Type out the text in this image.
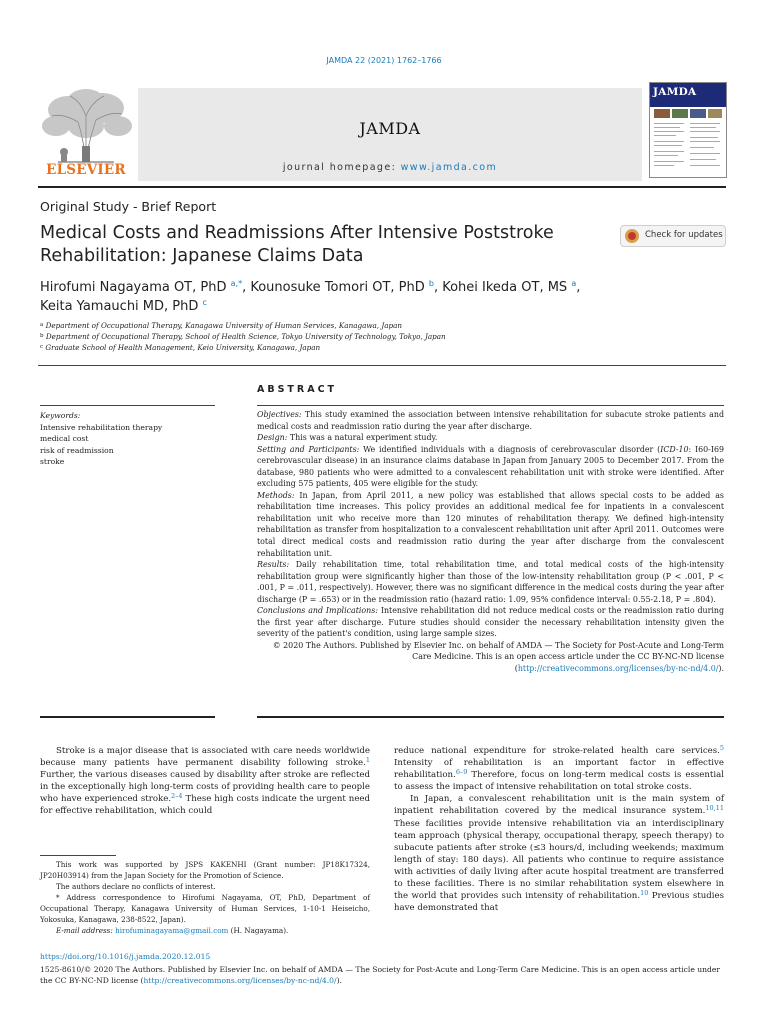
JAMDA 22 (2021) 1762–1766
ELSEVIER
JAMDA
journal homepage: www.jamda.com
JAMDA
Original Study - Brief Report
Medical Costs and Readmissions After Intensive Poststroke Rehabilitation: Japanese Claims Data
Check for updates
Hirofumi Nagayama OT, PhD $^{a,*}$, Kounosuke Tomori OT, PhD $^b$, Kohei Ikeda OT, MS $^a$,
Keita Yamauchi MD, PhD $^c$
$^a$ Department of Occupational Therapy, Kanagawa University of Human Services, Kanagawa, Japan
$^b$ Department of Occupational Therapy, School of Health Science, Tokyo University of Technology, Tokyo, Japan
$^c$ Graduate School of Health Management, Keio University, Kanagawa, Japan
ABSTRACT
Keywords:
Intensive rehabilitation therapy
medical cost
risk of readmission
stroke

Objectives: This study examined the association between intensive rehabilitation for subacute stroke patients and medical costs and readmission ratio during the year after discharge.

Design: This was a natural experiment study.

Setting and Participants: We identified individuals with a diagnosis of cerebrovascular disorder (ICD-10: I60-I69 cerebrovascular disease) in an insurance claims database in Japan from January 2005 to December 2017. From the database, 980 patients who were admitted to a convalescent rehabilitation unit with stroke were identified. After excluding 575 patients, 405 were eligible for the study.

Methods: In Japan, from April 2011, a new policy was established that allows special costs to be added as rehabilitation time increases. This policy provides an additional medical fee for inpatients in a convalescent rehabilitation unit who receive more than 120 minutes of rehabilitation therapy. We defined high-intensity rehabilitation as transfer from hospitalization to a convalescent rehabilitation unit after April 2011. Outcomes were total direct medical costs and readmission ratio during the year after discharge from the convalescent rehabilitation unit.

Results: Daily rehabilitation time, total rehabilitation time, and total medical costs of the high-intensity rehabilitation group were significantly higher than those of the low-intensity rehabilitation group (P < .001, P < .001, P = .011, respectively). However, there was no significant difference in the medical costs during the year after discharge (P = .653) or in the readmission ratio (hazard ratio: 1.09, 95% confidence interval: 0.55-2.18, P = .804).

Conclusions and Implications: Intensive rehabilitation did not reduce medical costs or the readmission ratio during the first year after discharge. Future studies should consider the necessary rehabilitation intensity given the severity of the patient's condition, using large sample sizes.

© 2020 The Authors. Published by Elsevier Inc. on behalf of AMDA — The Society for Post-Acute and Long-Term Care Medicine. This is an open access article under the CC BY-NC-ND license (http://creativecommons.org/licenses/by-nc-nd/4.0/).

Stroke is a major disease that is associated with care needs worldwide because many patients have permanent disability following stroke.$^1$ Further, the various diseases caused by disability after stroke are reflected in the exceptionally high long-term costs of providing health care to people who have experienced stroke.$^{2-4}$ These high costs indicate the urgent need for effective rehabilitation, which could

reduce national expenditure for stroke-related health care services.$^5$ Intensity of rehabilitation is an important factor in effective rehabilitation.$^{6-9}$ Therefore, focus on long-term medical costs is essential to assess the impact of intensive rehabilitation on total stroke costs.

In Japan, a convalescent rehabilitation unit is the main system of inpatient rehabilitation covered by the medical insurance system.$^{10,11}$ These facilities provide intensive rehabilitation via an interdisciplinary team approach (physical therapy, occupational therapy, speech therapy) to subacute patients after stroke (≤3 hours/d, including weekends; maximum length of stay: 180 days). All patients who continue to require assistance with activities of daily living after acute hospital treatment are transferred to these facilities. There is no similar rehabilitation system elsewhere in the world that provides such intensity of rehabilitation.$^{10}$ Previous studies have demonstrated that

This work was supported by JSPS KAKENHI (Grant number: JP18K17324, JP20H03914) from the Japan Society for the Promotion of Science.

The authors declare no conflicts of interest.

* Address correspondence to Hirofumi Nagayama, OT, PhD, Department of Occupational Therapy, Kanagawa University of Human Services, 1-10-1 Heiseicho, Yokosuka, Kanagawa, 238-8522, Japan).

E-mail address: hirofuminagayama@gmail.com (H. Nagayama).

https://doi.org/10.1016/j.jamda.2020.12.015
1525-8610/© 2020 The Authors. Published by Elsevier Inc. on behalf of AMDA — The Society for Post-Acute and Long-Term Care Medicine. This is an open access article under the CC BY-NC-ND license (http://creativecommons.org/licenses/by-nc-nd/4.0/).
